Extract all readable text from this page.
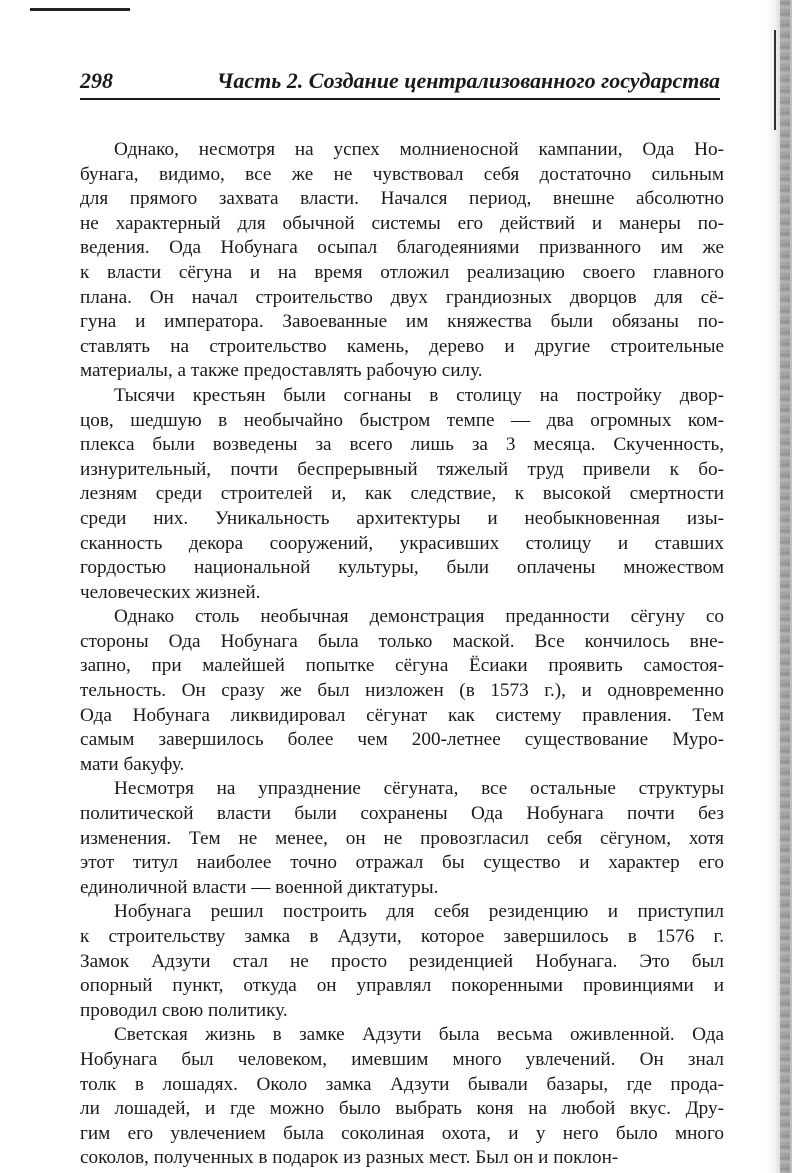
298	Часть 2. Создание централизованного государства
Однако, несмотря на успех молниеносной кампании, Ода Но-
бунага, видимо, все же не чувствовал себя достаточно сильным
для прямого захвата власти. Начался период, внешне абсолютно
не характерный для обычной системы его действий и манеры по-
ведения. Ода Нобунага осыпал благодеяниями призванного им же
к власти сёгуна и на время отложил реализацию своего главного
плана. Он начал строительство двух грандиозных дворцов для сё-
гуна и императора. Завоеванные им княжества были обязаны по-
ставлять на строительство камень, дерево и другие строительные
материалы, а также предоставлять рабочую силу.
Тысячи крестьян были согнаны в столицу на постройку двор-
цов, шедшую в необычайно быстром темпе — два огромных ком-
плекса были возведены за всего лишь за 3 месяца. Скученность,
изнурительный, почти беспрерывный тяжелый труд привели к бо-
лезням среди строителей и, как следствие, к высокой смертности
среди них. Уникальность архитектуры и необыкновенная изы-
сканность декора сооружений, украсивших столицу и ставших
гордостью национальной культуры, были оплачены множеством
человеческих жизней.
Однако столь необычная демонстрация преданности сёгуну со
стороны Ода Нобунага была только маской. Все кончилось вне-
запно, при малейшей попытке сёгуна Ёсиаки проявить самостоя-
тельность. Он сразу же был низложен (в 1573 г.), и одновременно
Ода Нобунага ликвидировал сёгунат как систему правления. Тем
самым завершилось более чем 200-летнее существование Муро-
мати бакуфу.
Несмотря на упразднение сёгуната, все остальные структуры
политической власти были сохранены Ода Нобунага почти без
изменения. Тем не менее, он не провозгласил себя сёгуном, хотя
этот титул наиболее точно отражал бы существо и характер его
единоличной власти — военной диктатуры.
Нобунага решил построить для себя резиденцию и приступил
к строительству замка в Адзути, которое завершилось в 1576 г.
Замок Адзути стал не просто резиденцией Нобунага. Это был
опорный пункт, откуда он управлял покоренными провинциями и
проводил свою политику.
Светская жизнь в замке Адзути была весьма оживленной. Ода
Нобунага был человеком, имевшим много увлечений. Он знал
толк в лошадях. Около замка Адзути бывали базары, где прода-
ли лошадей, и где можно было выбрать коня на любой вкус. Дру-
гим его увлечением была соколиная охота, и у него было много
соколов, полученных в подарок из разных мест. Был он и поклон-
